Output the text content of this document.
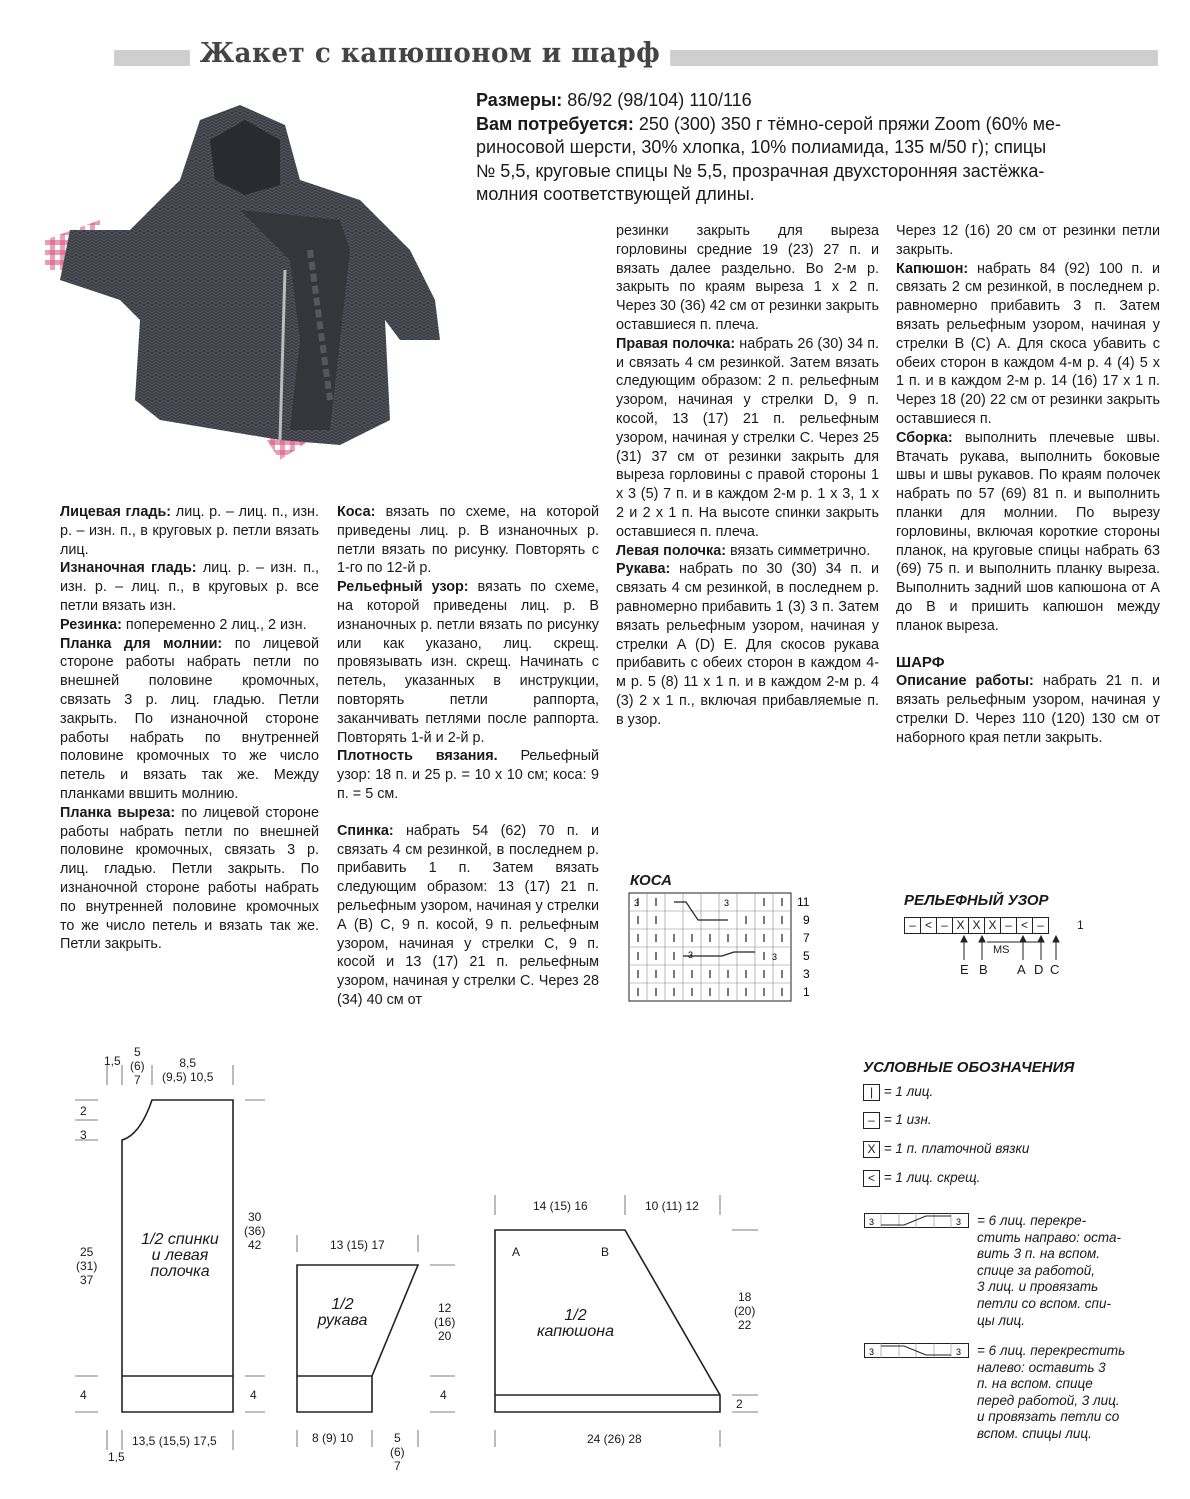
Жакет с капюшоном и шарф
Размеры: 86/92 (98/104) 110/116
Вам потребуется: 250 (300) 350 г тёмно-серой пряжи Zoom (60% ме-
риносовой шерсти, 30% хлопка, 10% полиамида, 135 м/50 г); спицы
№ 5,5, круговые спицы № 5,5, прозрачная двухсторонняя застёжка-
молния соответствующей длины.

Лицевая гладь: лиц. р. – лиц. п., изн. р. – изн. п., в круговых р. петли вязать лиц.

Изнаночная гладь: лиц. р. – изн. п., изн. р. – лиц. п., в круговых р. все петли вязать изн.

Резинка: попеременно 2 лиц., 2 изн.

Планка для молнии: по лицевой стороне работы набрать петли по внешней половине кромочных, связать 3 р. лиц. гладью. Петли закрыть. По изнаночной стороне работы набрать по внутренней половине кромочных то же число петель и вязать так же. Между планками ввшить молнию.

Планка выреза: по лицевой стороне работы набрать петли по внешней половине кромочных, связать 3 р. лиц. гладью. Петли закрыть. По изнаночной стороне работы набрать по внутренней половине кромочных то же число петель и вязать так же. Петли закрыть.

Коса: вязать по схеме, на которой приведены лиц. р. В изнаночных р. петли вязать по рисунку. Повторять с 1-го по 12-й р.

Рельефный узор: вязать по схеме, на которой приведены лиц. р. В изнаночных р. петли вязать по рисунку или как указано, лиц. скрещ. провязывать изн. скрещ. Начинать с петель, указанных в инструкции, повторять петли раппорта, заканчивать петлями после раппорта. Повторять 1-й и 2-й р.

Плотность вязания. Рельефный узор: 18 п. и 25 р. = 10 х 10 см; коса: 9 п. = 5 см.

Спинка: набрать 54 (62) 70 п. и связать 4 см резинкой, в последнем р. прибавить 1 п. Затем вязать следующим образом: 13 (17) 21 п. рельефным узором, начиная у стрелки А (В) С, 9 п. косой, 9 п. рельефным узором, начиная у стрелки С, 9 п. косой и 13 (17) 21 п. рельефным узором, начиная у стрелки С. Через 28 (34) 40 см от

резинки закрыть для выреза горловины средние 19 (23) 27 п. и вязать далее раздельно. Во 2-м р. закрыть по краям выреза 1 х 2 п. Через 30 (36) 42 см от резинки закрыть оставшиеся п. плеча.

Правая полочка: набрать 26 (30) 34 п. и связать 4 см резинкой. Затем вязать следующим образом: 2 п. рельефным узором, начиная у стрелки D, 9 п. косой, 13 (17) 21 п. рельефным узором, начиная у стрелки С. Через 25 (31) 37 см от резинки закрыть для выреза горловины с правой стороны 1 х 3 (5) 7 п. и в каждом 2-м р. 1 х 3, 1 х 2 и 2 х 1 п. На высоте спинки закрыть оставшиеся п. плеча.

Левая полочка: вязать симметрично.

Рукава: набрать по 30 (30) 34 п. и связать 4 см резинкой, в последнем р. равномерно прибавить 1 (3) 3 п. Затем вязать рельефным узором, начиная у стрелки А (D) Е. Для скосов рукава прибавить с обеих сторон в каждом 4-м р. 5 (8) 11 х 1 п. и в каждом 2-м р. 4 (3) 2 х 1 п., включая прибавляемые п. в узор.

Через 12 (16) 20 см от резинки петли закрыть.

Капюшон: набрать 84 (92) 100 п. и связать 2 см резинкой, в последнем р. равномерно прибавить 3 п. Затем вязать рельефным узором, начиная у стрелки В (С) А. Для скоса убавить с обеих сторон в каждом 4-м р. 4 (4) 5 х 1 п. и в каждом 2-м р. 14 (16) 17 х 1 п. Через 18 (20) 22 см от резинки закрыть оставшиеся п.

Сборка: выполнить плечевые швы. Втачать рукава, выполнить боковые швы и швы рукавов. По краям полочек набрать по 57 (69) 81 п. и выполнить планки для молнии. По вырезу горловины, включая короткие стороны планок, на круговые спицы набрать 63 (69) 75 п. и выполнить планку выреза. Выполнить задний шов капюшона от А до В и пришить капюшон между планок выреза.

ШАРФ

Описание работы: набрать 21 п. и вязать рельефным узором, начиная у стрелки D. Через 110 (120) 130 см от наборного края петли закрыть.

КОСА
3	3
3	3
11
9
7
5
3
1
РЕЛЬЕФНЫЙ УЗОР
– < – X X X – < –	1
MS
E B A D C
УСЛОВНЫЕ ОБОЗНАЧЕНИЯ
| = 1 лиц.
– = 1 изн.
X = 1 п. платочной вязки
< = 1 лиц. скрещ.
3	3 = 6 лиц. перекре-
стить направо: оста-
вить 3 п. на вспом.
спице за работой,
3 лиц. и провязать
петли со вспом. спи-
цы лиц.
3	3 = 6 лиц. перекрестить
налево: оставить 3
п. на вспом. спице
перед работой, 3 лиц.
и провязать петли со
вспом. спицы лиц.
1/2 спинки
и левая
полочка
1,5
5
(6)
7
8,5
(9,5) 10,5
2
3
25
(31)
37
4
30
(36)
42
4
13,5 (15,5) 17,5
1,5
1/2
рукава
13 (15) 17
12
(16)
20
4
8 (9) 10	5
(6)
7
1/2
капюшона
14 (15) 16	10 (11) 12
A	B
18
(20)
22
2
24 (26) 28
